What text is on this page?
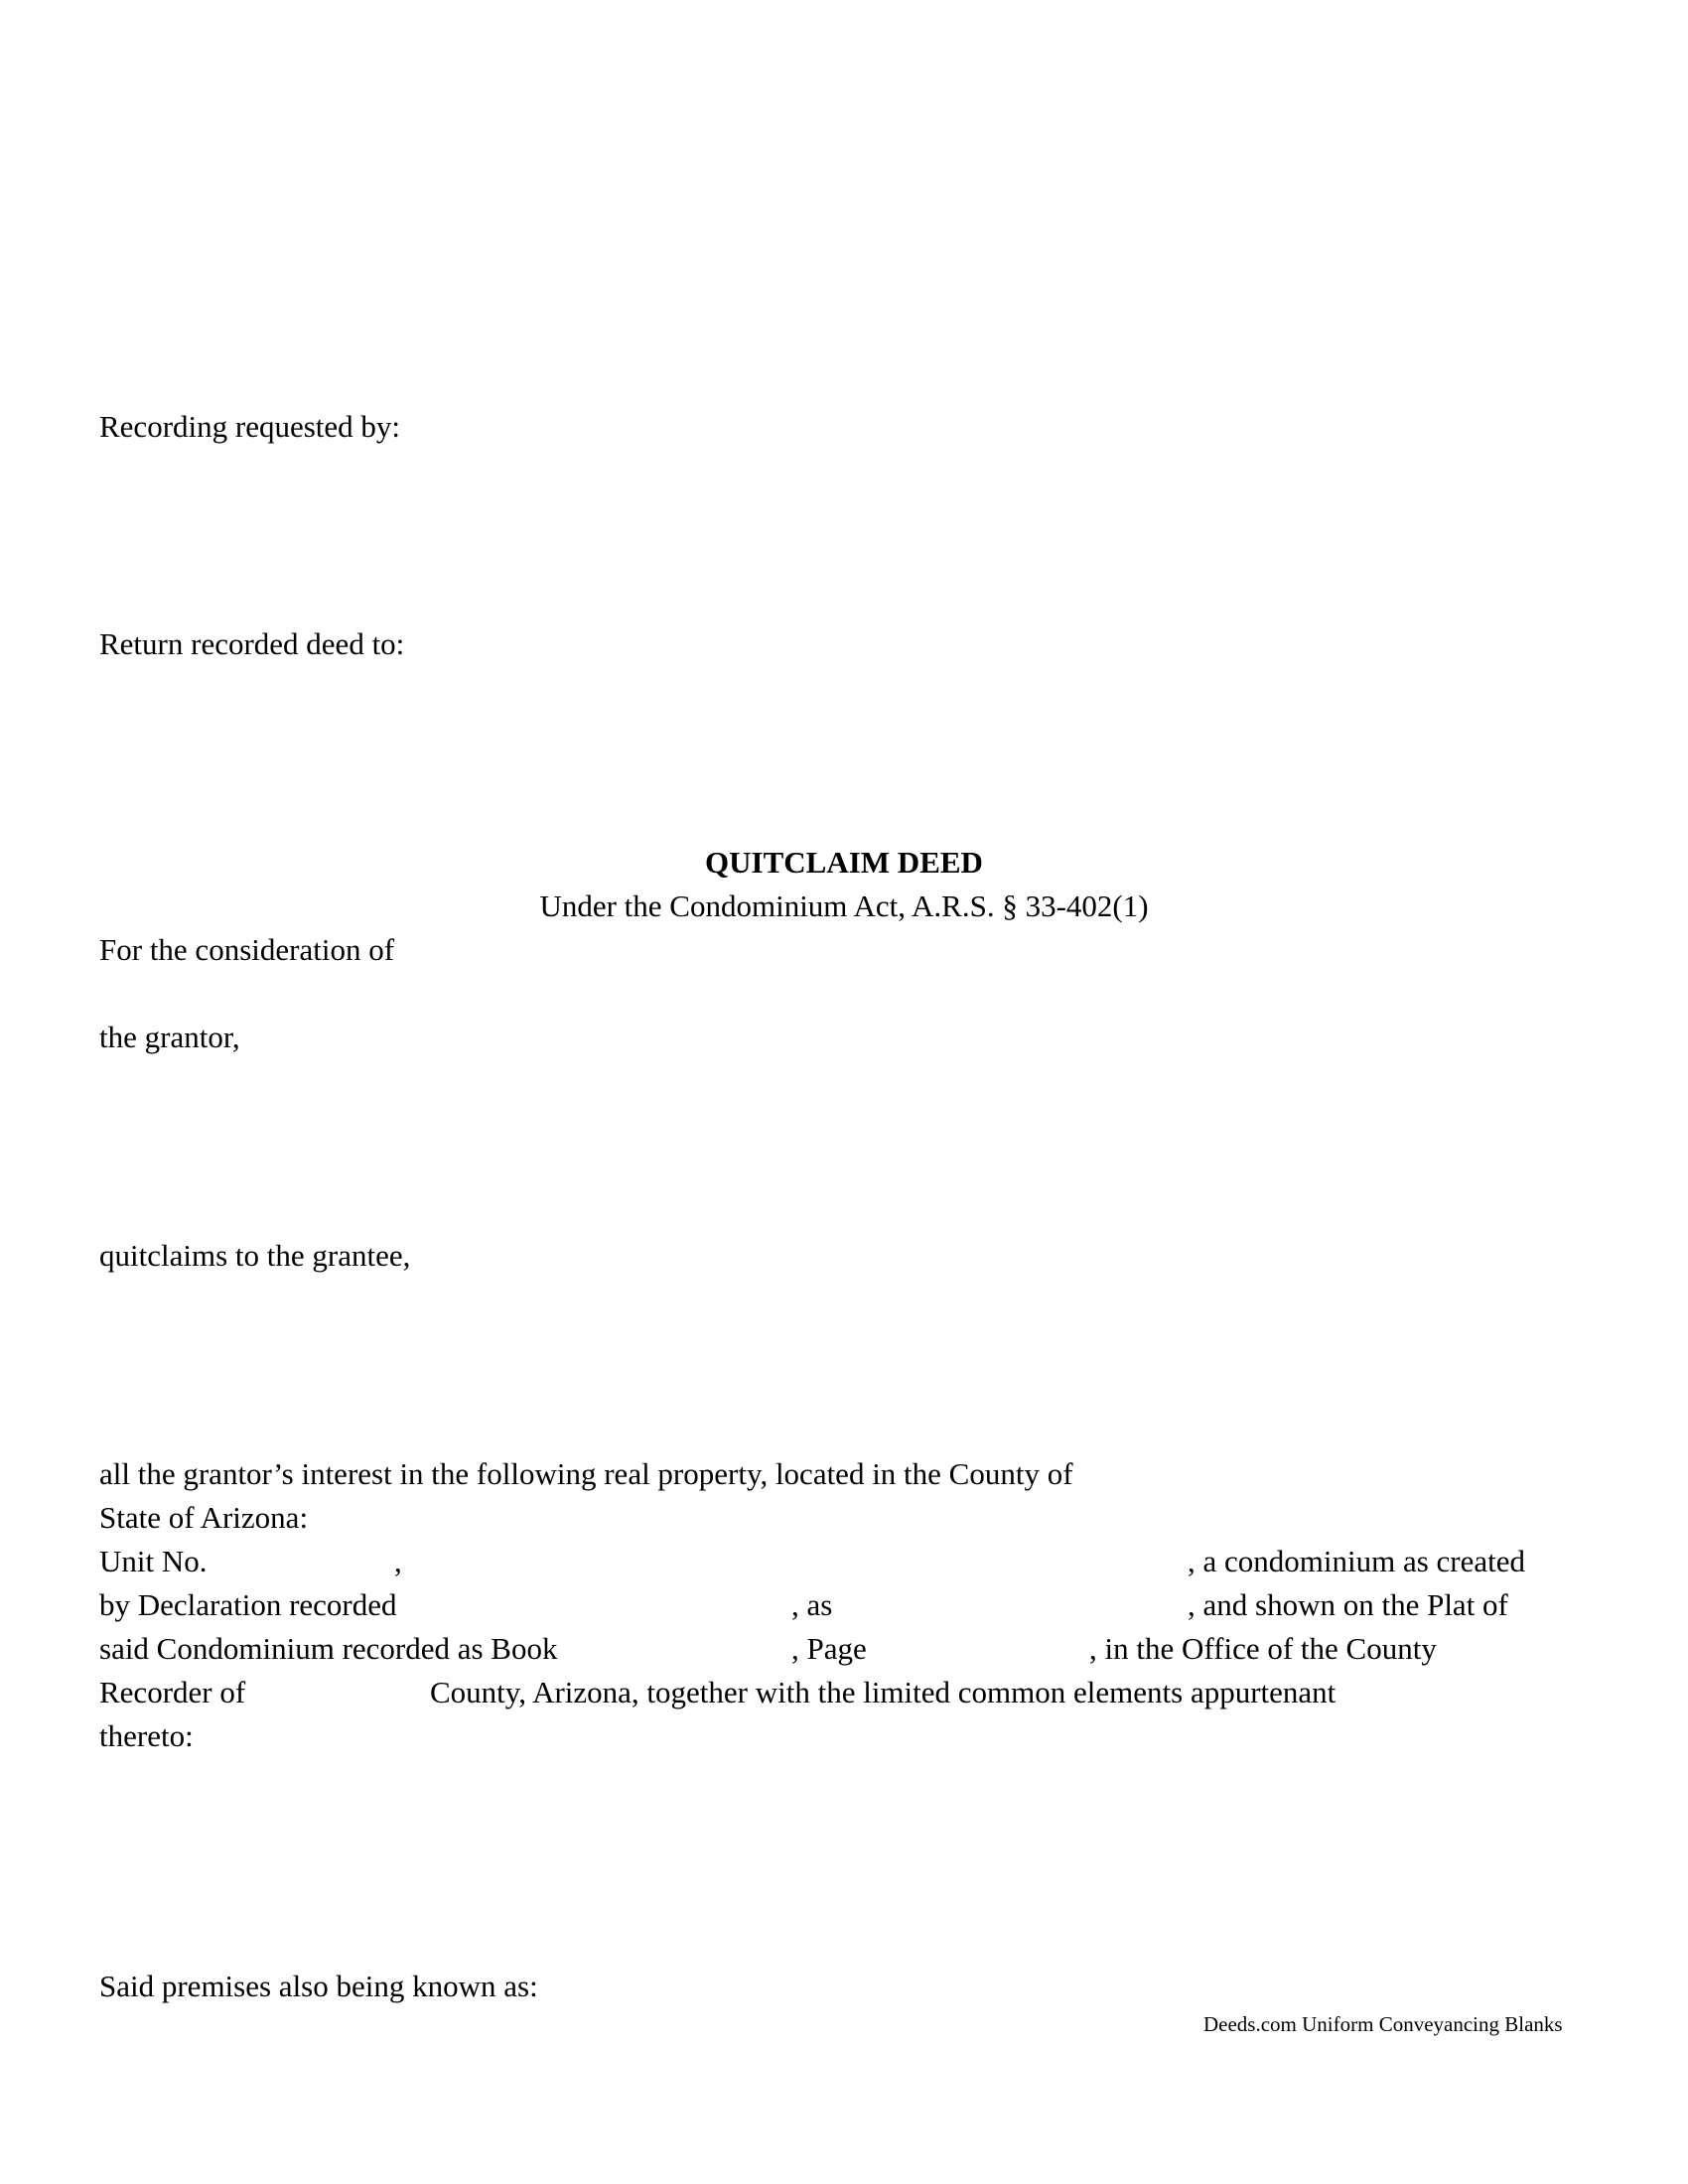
Recording requested by:
Return recorded deed to:
QUITCLAIM DEED
Under the Condominium Act, A.R.S. § 33-402(1)
For the consideration of
the grantor,
quitclaims to the grantee,
all the grantor’s interest in the following real property, located in the County of
State of Arizona:
Unit No.	,	, a condominium as created
by Declaration recorded	, as	, and shown on the Plat of
said Condominium recorded as Book	, Page	, in the Office of the County
Recorder of	County, Arizona, together with the limited common elements appurtenant
thereto:
Said premises also being known as:
Deeds.com Uniform Conveyancing Blanks
